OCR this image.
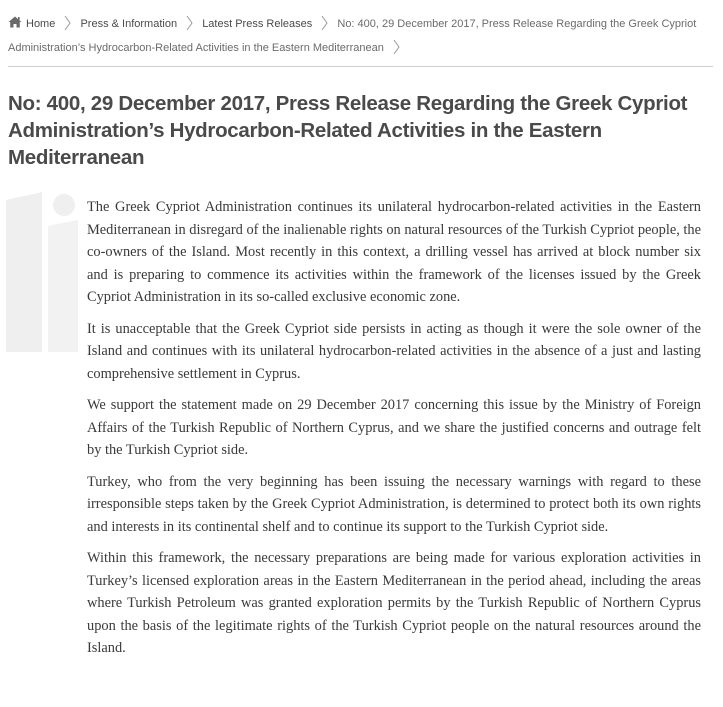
Home Press & Information Latest Press Releases No: 400, 29 December 2017, Press Release Regarding the Greek Cypriot Administration’s Hydrocarbon-Related Activities in the Eastern Mediterranean
No: 400, 29 December 2017, Press Release Regarding the Greek Cypriot Administration’s Hydrocarbon-Related Activities in the Eastern Mediterranean

The Greek Cypriot Administration continues its unilateral hydrocarbon-related activities in the Eastern Mediterranean in disregard of the inalienable rights on natural resources of the Turkish Cypriot people, the co-owners of the Island. Most recently in this context, a drilling vessel has arrived at block number six and is preparing to commence its activities within the framework of the licenses issued by the Greek Cypriot Administration in its so-called exclusive economic zone.

It is unacceptable that the Greek Cypriot side persists in acting as though it were the sole owner of the Island and continues with its unilateral hydrocarbon-related activities in the absence of a just and lasting comprehensive settlement in Cyprus.

We support the statement made on 29 December 2017 concerning this issue by the Ministry of Foreign Affairs of the Turkish Republic of Northern Cyprus, and we share the justified concerns and outrage felt by the Turkish Cypriot side.

Turkey, who from the very beginning has been issuing the necessary warnings with regard to these irresponsible steps taken by the Greek Cypriot Administration, is determined to protect both its own rights and interests in its continental shelf and to continue its support to the Turkish Cypriot side.

Within this framework, the necessary preparations are being made for various exploration activities in Turkey’s licensed exploration areas in the Eastern Mediterranean in the period ahead, including the areas where Turkish Petroleum was granted exploration permits by the Turkish Republic of Northern Cyprus upon the basis of the legitimate rights of the Turkish Cypriot people on the natural resources around the Island.
